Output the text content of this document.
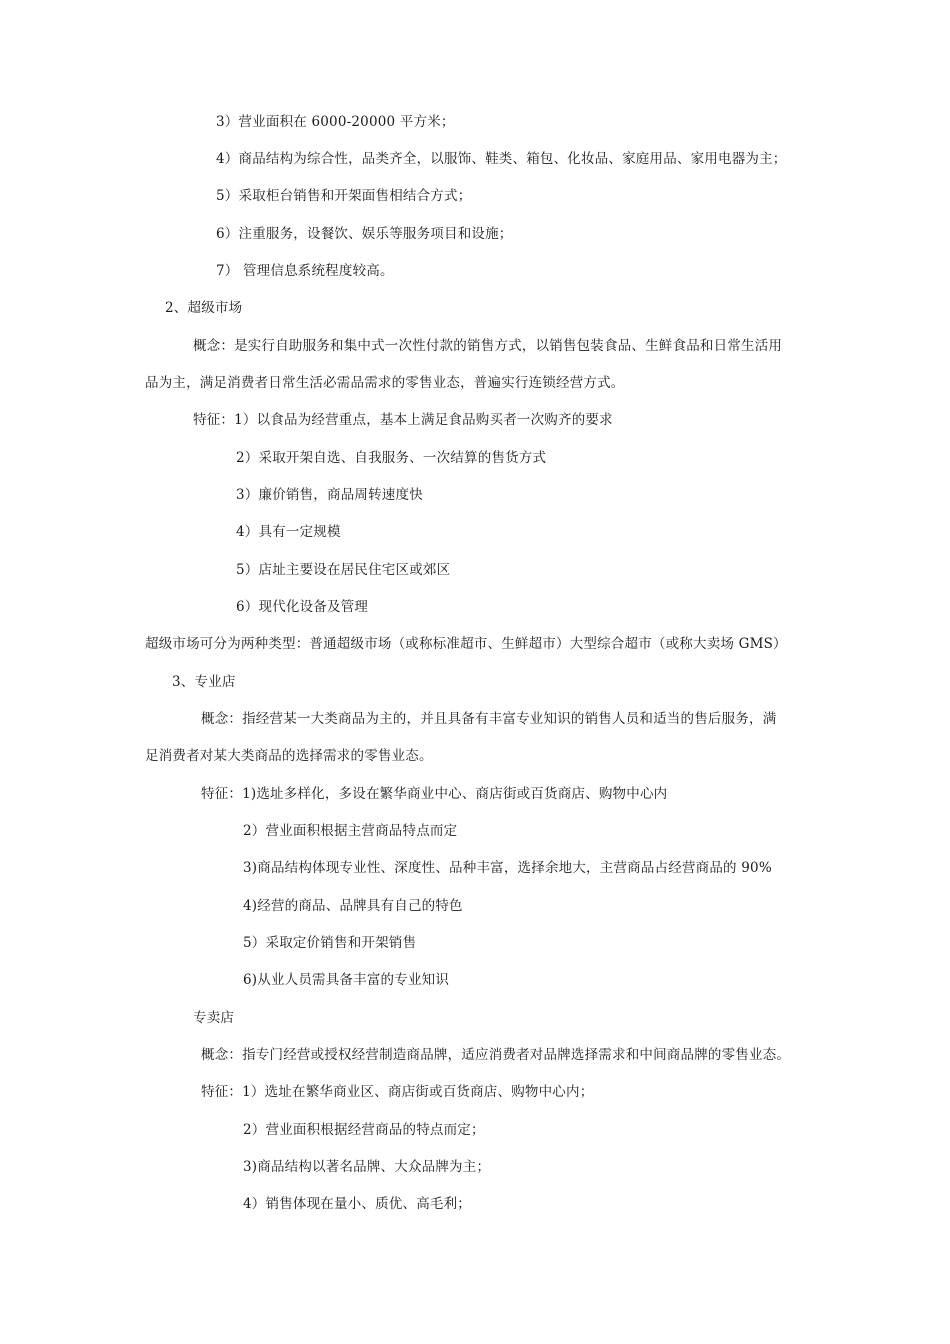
3）营业面积在 6000-20000 平方米；
4）商品结构为综合性，品类齐全，以服饰、鞋类、箱包、化妆品、家庭用品、家用电器为主；
5）采取柜台销售和开架面售相结合方式；
6）注重服务，设餐饮、娱乐等服务项目和设施；
7） 管理信息系统程度较高。
2、超级市场
概念：是实行自助服务和集中式一次性付款的销售方式，以销售包装食品、生鲜食品和日常生活用
品为主，满足消费者日常生活必需品需求的零售业态，普遍实行连锁经营方式。
特征：1）以食品为经营重点，基本上满足食品购买者一次购齐的要求
2）采取开架自选、自我服务、一次结算的售货方式
3）廉价销售，商品周转速度快
4）具有一定规模
5）店址主要设在居民住宅区或郊区
6）现代化设备及管理
超级市场可分为两种类型：普通超级市场（或称标准超市、生鲜超市）大型综合超市（或称大卖场 GMS）
3、专业店
概念：指经营某一大类商品为主的，并且具备有丰富专业知识的销售人员和适当的售后服务，满
足消费者对某大类商品的选择需求的零售业态。
特征：1)选址多样化，多设在繁华商业中心、商店街或百货商店、购物中心内
2）营业面积根据主营商品特点而定
3)商品结构体现专业性、深度性、品种丰富，选择余地大，主营商品占经营商品的 90%
4)经营的商品、品牌具有自己的特色
5）采取定价销售和开架销售
6)从业人员需具备丰富的专业知识
专卖店
概念：指专门经营或授权经营制造商品牌，适应消费者对品牌选择需求和中间商品牌的零售业态。
特征：1）选址在繁华商业区、商店街或百货商店、购物中心内；
2）营业面积根据经营商品的特点而定；
3)商品结构以著名品牌、大众品牌为主；
4）销售体现在量小、质优、高毛利；
